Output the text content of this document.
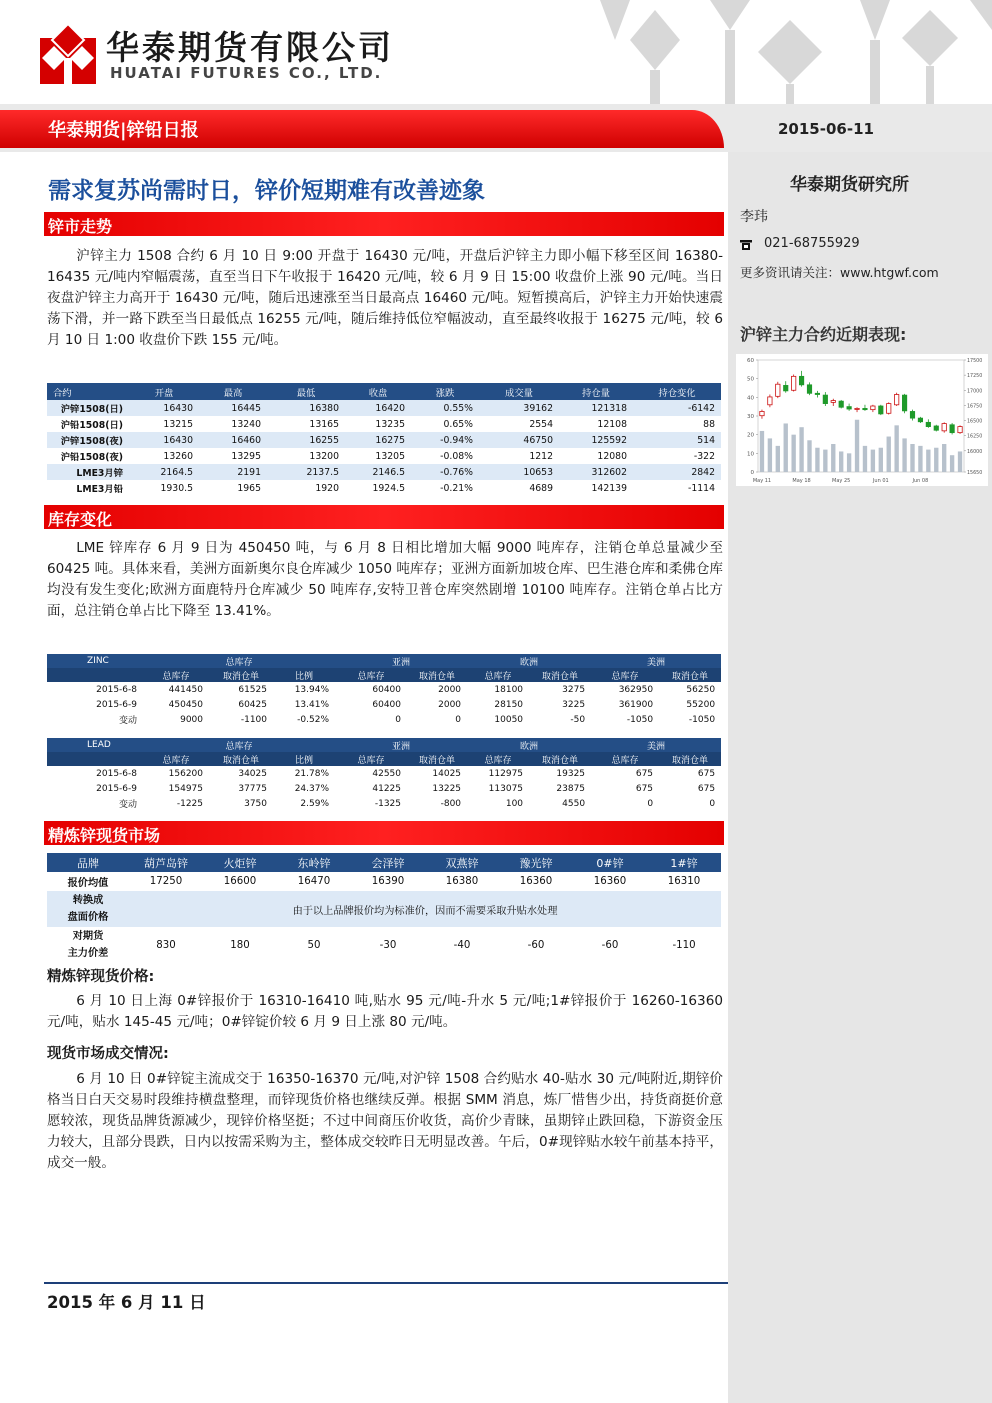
华泰期货有限公司
HUATAI FUTURES CO., LTD.
华泰期货|锌铅日报	2015-06-11
华泰期货研究所
李玮
021-68755929
更多资讯请关注：www.htgwf.com
沪锌主力合约近期表现:
0
10
20
30
40
50
60
15650
16000
16250
16500
16750
17000
17250
17500
May 11	May 18	May 25	Jun 01	Jun 08
需求复苏尚需时日，锌价短期难有改善迹象
锌市走势

沪锌主力 1508 合约 6 月 10 日 9:00 开盘于 16430 元/吨，开盘后沪锌主力即小幅下移至区间 16380-16435 元/吨内窄幅震荡，直至当日下午收报于 16420 元/吨，较 6 月 9 日 15:00 收盘价上涨 90 元/吨。当日夜盘沪锌主力高开于 16430 元/吨，随后迅速涨至当日最高点 16460 元/吨。短暂摸高后，沪锌主力开始快速震荡下滑，并一路下跌至当日最低点 16255 元/吨，随后维持低位窄幅波动，直至最终收报于 16275 元/吨，较 6 月 10 日 1:00 收盘价下跌 155 元/吨。

合约	开盘	最高	最低	收盘	涨跌	成交量	持仓量	持仓变化
沪锌1508(日)	16430	16445	16380	16420	0.55%	39162	121318	-6142
沪铅1508(日)	13215	13240	13165	13235	0.65%	2554	12108	88
沪锌1508(夜)	16430	16460	16255	16275	-0.94%	46750	125592	514
沪铅1508(夜)	13260	13295	13200	13205	-0.08%	1212	12080	-322
LME3月锌	2164.5	2191	2137.5	2146.5	-0.76%	10653	312602	2842
LME3月铅	1930.5	1965	1920	1924.5	-0.21%	4689	142139	-1114
库存变化

LME 锌库存 6 月 9 日为 450450 吨，与 6 月 8 日相比增加大幅 9000 吨库存，注销仓单总量减少至 60425 吨。具体来看，美洲方面新奥尔良仓库减少 1050 吨库存；亚洲方面新加坡仓库、巴生港仓库和柔佛仓库均没有发生变化;欧洲方面鹿特丹仓库减少 50 吨库存,安特卫普仓库突然剧增 10100 吨库存。注销仓单占比方面，总注销仓单占比下降至 13.41%。

ZINC	总库存			亚洲		欧洲		美洲	
	总库存	取消仓单	比例	总库存	取消仓单	总库存	取消仓单	总库存	取消仓单
2015-6-8	441450	61525	13.94%	60400	2000	18100	3275	362950	56250
2015-6-9	450450	60425	13.41%	60400	2000	28150	3225	361900	55200
变动	9000	-1100	-0.52%	0	0	10050	-50	-1050	-1050
LEAD	总库存			亚洲		欧洲		美洲	
	总库存	取消仓单	比例	总库存	取消仓单	总库存	取消仓单	总库存	取消仓单
2015-6-8	156200	34025	21.78%	42550	14025	112975	19325	675	675
2015-6-9	154975	37775	24.37%	41225	13225	113075	23875	675	675
变动	-1225	3750	2.59%	-1325	-800	100	4550	0	0
精炼锌现货市场
品牌	葫芦岛锌	火炬锌	东岭锌	会泽锌	双燕锌	豫光锌	0#锌	1#锌
报价均值	17250	16600	16470	16390	16380	16360	16360	16310

转换成
盘面价格	由于以上品牌报价均为标准价，因而不需要采取升贴水处理							

对期货
主力价差	830	180	50	-30	-40	-60	-60	-110
精炼锌现货价格:

6 月 10 日上海 0#锌报价于 16310-16410 吨,贴水 95 元/吨-升水 5 元/吨;1#锌报价于 16260-16360 元/吨，贴水 145-45 元/吨；0#锌锭价较 6 月 9 日上涨 80 元/吨。

现货市场成交情况:

6 月 10 日 0#锌锭主流成交于 16350-16370 元/吨,对沪锌 1508 合约贴水 40-贴水 30 元/吨附近,期锌价格当日白天交易时段维持横盘整理，而锌现货价格也继续反弹。根据 SMM 消息，炼厂惜售少出，持货商挺价意愿较浓，现货品牌货源减少，现锌价格坚挺；不过中间商压价收货，高价少青睐，虽期锌止跌回稳，下游资金压力较大，且部分畏跌，日内以按需采购为主，整体成交较昨日无明显改善。午后，0#现锌贴水较午前基本持平，成交一般。

2015 年 6 月 11 日
